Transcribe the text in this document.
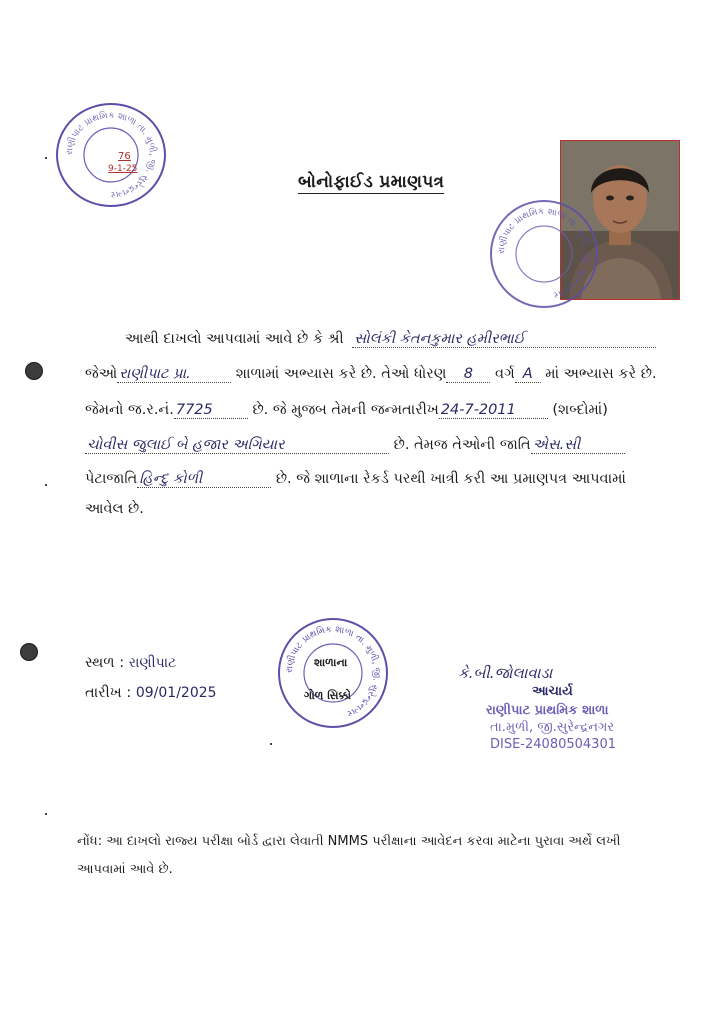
રાણીપાટ પ્રાથમિક શાળા તા. મુળી, જી. સુરેન્દ્રનગર
76
9-1-25
બોનોફાઈડ પ્રમાણપત્ર
રાણીપાટ પ્રાથમિક શાળા તા. મુળી, જી. સુરેન્દ્રનગર
આથી દાખલો આપવામાં આવે છે કે શ્રી સોલંકી કેતનકુમાર હમીરભાઈ
જેઓ રાણીપાટ પ્રા.	શાળામાં અભ્યાસ કરે છે. તેઓ ધોરણ 8 વર્ગ A માં અભ્યાસ કરે છે.
જેમનો જ.ર.નં. 7725	છે. જે મુજબ તેમની જન્મતારીખ 24-7-2011	(શબ્દોમાં)
ચોવીસ જુલાઈ બે હજાર અગિયાર	છે. તેમજ તેઓની જાતિ એસ.સી
પેટાજાતિ હિન્દુ કોળી	છે. જે શાળાના રેકર્ડ પરથી ખાત્રી કરી આ પ્રમાણપત્ર આપવામાં
આવેલ છે.
સ્થળ : રાણીપાટ
તારીખ : 09/01/2025
રાણીપાટ પ્રાથમિક શાળા તા. મુળી, જી. સુરેન્દ્રનગર
શાળાના
ગોળ સિક્કો
કે.બી.જોલાવાડા
આચાર્ય
રાણીપાટ પ્રાથમિક શાળા
તા.મુળી, જી.સુરેન્દ્રનગર
DISE-24080504301
નોંધ: આ દાખલો રાજ્ય પરીક્ષા બોર્ડ દ્વારા લેવાતી NMMS પરીક્ષાના આવેદન કરવા માટેના પુરાવા અર્થે લખી આપવામાં આવે છે.
